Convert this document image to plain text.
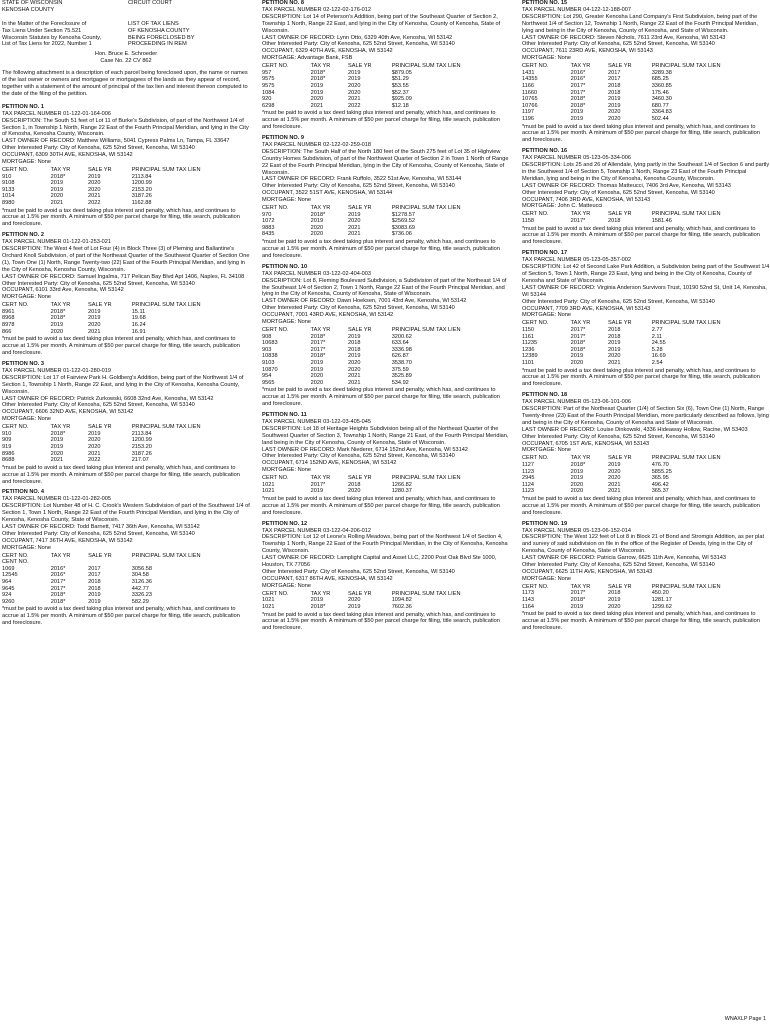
STATE OF WISCONSIN
KENOSHA COUNTY

In the Matter of the Foreclosure of
Tax Liens Under Section 75.521
Wisconsin Statutes by Kenosha County,
List of Tax Liens for 2022, Number 1
CIRCUIT COURT

LIST OF TAX LIENS
OF KENOSHA COUNTY
BEING FORECLOSED BY
PROCEEDING IN REM
Hon. Bruce E. Schroeder
Case No. 22 CV 862

The following attachment is a description of each parcel being foreclosed upon, the name or names of the last owner or owners and mortgagee or mortgagees of the lands as they appear of record, together with a statement of the amount of principal of the tax lien and interest thereon computed to the date of the filing of the petition.

PETITION NO. 1
TAX PARCEL NUMBER 01-122-01-164-006
DESCRIPTION: The South 51 feet of Lot 11 of Burke's Subdivision, of part of the Northwest 1/4 of Section 1, in Township 1 North, Range 22 East of the Fourth Principal Meridian, and lying in the City of Kenosha, Kenosha County, Wisconsin.
LAST OWNER OF RECORD: Matthew Williams, 5041 Cypress Palms Ln, Tampa, FL 33647
Other Interested Party: City of Kenosha, 625 52nd Street, Kenosha, WI 53140
OCCUPANT, 6309 30TH AVE, KENOSHA, WI 53142
MORTGAGE: None
CERT NO.	TAX YR	SALE YR	PRINCIPAL SUM TAX LIEN
910	2018*	2019	2113.84
9108	2019	2020	1200.99
9133	2019	2020	2153.20
1014	2020	2021	3187.26
8980	2021	2022	1162.88
*must be paid to avoid a tax deed taking plus interest and penalty, which has, and continues to accrue at 1.5% per month. A minimum of $50 per parcel charge for filing, title search, publication and foreclosure.
PETITION NO. 2
TAX PARCEL NUMBER 01-122-01-253-021
DESCRIPTION: The West 4 feet of Lot Four (4) in Block Three (3) of Pleming and Ballantine's Orchard Knoll Subdivision, of part of the Northeast Quarter of the Southwest Quarter of Section One (1), Town One (1) North, Range Twenty-two (22) East of the Fourth Principal Meridian, and lying in the City of Kenosha, Kenosha County, Wisconsin.
LAST OWNER OF RECORD: Samuel Ingalma, 717 Pelican Bay Blvd Apt 1406, Naples, FL 34108
Other Interested Party: City of Kenosha, 625 52nd Street, Kenosha, WI 53140
OCCUPANT, 6101 33rd Ave, Kenosha, WI 53142
MORTGAGE: None
CERT NO.	TAX YR	SALE YR	PRINCIPAL SUM TAX LIEN
8961	2018*	2019	15.11
8968	2018*	2019	19.68
8978	2019	2020	16.24
866	2020	2021	16.91
*must be paid to avoid a tax deed taking plus interest and penalty, which has, and continues to accrue at 1.5% per month. A minimum of $50 per parcel charge for filing, title search, publication and foreclosure.
PETITION NO. 3
TAX PARCEL NUMBER 01-122-01-280-019
DESCRIPTION: Lot 17 of Fairview Park H. Goldberg's Addition, being part of the Northwest 1/4 of Section 1, Township 1 North, Range 22 East, and lying in the City of Kenosha, Kenosha County, Wisconsin.
LAST OWNER OF RECORD: Patrick Zurkowski, 6608 32nd Ave, Kenosha, WI 53142
Other Interested Party: City of Kenosha, 625 52nd Street, Kenosha, WI 53140
OCCUPANT, 6606 32ND AVE, KENOSHA, WI 53142
MORTGAGE: None
CERT NO.	TAX YR	SALE YR	PRINCIPAL SUM TAX LIEN
910	2018*	2019	2113.84
909	2019	2020	1200.99
919	2019	2020	2153.20
8986	2020	2021	3187.26
8688	2021	2022	217.07
*must be paid to avoid a tax deed taking plus interest and penalty, which has, and continues to accrue at 1.5% per month. A minimum of $50 per parcel charge for filing, title search, publication and foreclosure.
PETITION NO. 4
TAX PARCEL NUMBER 01-122-01-282-005
DESCRIPTION: Lot Number 48 of H. C. Crook's Western Subdivision of part of the Southwest 1/4 of Section 1, Town 1 North, Range 22 East of the Fourth Principal Meridian, and lying in the City of Kenosha, Kenosha County, State of Wisconsin.
LAST OWNER OF RECORD: Todd Barnett, 7417 36th Ave, Kenosha, WI 53142
Other Interested Party: City of Kenosha, 625 52nd Street, Kenosha, WI 53140
OCCUPANT, 7417 36TH AVE, KENOSHA, WI 53142
MORTGAGE: None
CERT NO.	TAX YR	SALE YR	PRINCIPAL SUM TAX LIEN
CENT NO.			
1069	2016*	2017	3056.58
12545	2016*	2017	304.58
964	2017*	2018	3126.36
9645	2017*	2018	442.77
924	2018*	2019	3326.23
9260	2018*	2019	582.29
*must be paid to avoid a tax deed taking plus interest and penalty, which has, and continues to accrue at 1.5% per month. A minimum of $50 per parcel charge for filing, title search, publication and foreclosure.
PETITION NO. 8
TAX PARCEL NUMBER 02-122-02-176-012
DESCRIPTION: Lot 14 of Peterson's Addition, being part of the Southeast Quarter of Section 2, Township 1 North, Range 22 East, and lying in the City of Kenosha, County of Kenosha, State of Wisconsin.
LAST OWNER OF RECORD: Lynn Otto, 6329 40th Ave, Kenosha, WI 53142
Other Interested Party: City of Kenosha, 625 52nd Street, Kenosha, WI 53140
OCCUPANT, 6329 40TH AVE, KENOSHA, WI 53142
MORTGAGE: Advantage Bank, FSB
CERT NO.	TAX YR	SALE YR	PRINCIPAL SUM TAX LIEN
957	2018*	2019	$879.05
9575	2018*	2019	$51.29
9575	2019	2020	$53.55
1084	2019	2020	$52.37
920	2020	2021	$925.09
6298	2021	2022	$12.18
*must be paid to avoid a tax deed taking plus interest and penalty, which has, and continues to accrue at 1.5% per month. A minimum of $50 per parcel charge for filing, title search, publication and foreclosure.
PETITION NO. 9
TAX PARCEL NUMBER 02-122-02-259-018
DESCRIPTION: The South Half of the North 180 feet of the South 275 feet of Lot 35 of Highview Country Homes Subdivision, of part of the Northwest Quarter of Section 2 in Town 1 North of Range 22 East of the Fourth Principal Meridian, lying in the City of Kenosha, County of Kenosha, State of Wisconsin.
LAST OWNER OF RECORD: Frank Ruffolo, 3522 51st Ave, Kenosha, WI 53144
Other Interested Party: City of Kenosha, 625 52nd Street, Kenosha, WI 53140
OCCUPANT, 3522 51ST AVE, KENOSHA, WI 53144
MORTGAGE: None
CERT NO.	TAX YR	SALE YR	PRINCIPAL SUM TAX LIEN
970	2018*	2019	$1278.57
1072	2019	2020	$2569.52
9883	2020	2021	$3083.69
8435	2020	2021	$736.06
*must be paid to avoid a tax deed taking plus interest and penalty, which has, and continues to accrue at 1.5% per month. A minimum of $50 per parcel charge for filing, title search, publication and foreclosure.
PETITION NO. 10
TAX PARCEL NUMBER 03-122-02-404-003
DESCRIPTION: Lot 8, Fleming Boulevard Subdivision, a Subdivision of part of the Northeast 1/4 of the Southeast 1/4 of Section 2, Town 1 North, Range 22 East of the Fourth Principal Meridian, and lying in the City of Kenosha, County of Kenosha, State of Wisconsin.
LAST OWNER OF RECORD: Dawn Hoeksen, 7001 43rd Ave, Kenosha, WI 53142
Other Interested Party: City of Kenosha, 625 52nd Street, Kenosha, WI 53140
OCCUPANT, 7001 43RD AVE, KENOSHA, WI 53142
MORTGAGE: None
CERT NO.	TAX YR	SALE YR	PRINCIPAL SUM TAX LIEN
908	2018*	2019	3200.62
10683	2017*	2018	633.64
903	2017*	2018	3336.98
10838	2018*	2019	626.87
9103	2019	2020	3538.70
10870	2019	2020	375.59
954	2020	2021	3525.89
9565	2020	2021	534.92
*must be paid to avoid a tax deed taking plus interest and penalty, which has, and continues to accrue at 1.5% per month. A minimum of $50 per parcel charge for filing, title search, publication and foreclosure.
PETITION NO. 11
TAX PARCEL NUMBER 03-122-03-405-045
DESCRIPTION: Lot 18 of Heritage Heights Subdivision being all of the Northeast Quarter of the Southwest Quarter of Section 3, Township 1 North, Range 21 East, of the Fourth Principal Meridian, land being in the City of Kenosha, County of Kenosha, State of Wisconsin.
LAST OWNER OF RECORD: Mark Niederer, 6714 152nd Ave, Kenosha, WI 53142
Other Interested Party: City of Kenosha, 625 52nd Street, Kenosha, WI 53140
OCCUPANT, 6714 152ND AVE, KENOSHA, WI 53142
MORTGAGE: None
CERT NO.	TAX YR	SALE YR	PRINCIPAL SUM TAX LIEN
1021	2017*	2018	1266.82
1021	2019	2020	1280.37
*must be paid to avoid a tax deed taking plus interest and penalty, which has, and continues to accrue at 1.5% per month. A minimum of $50 per parcel charge for filing, title search, publication and foreclosure.
PETITION NO. 12
TAX PARCEL NUMBER 03-122-04-206-012
DESCRIPTION: Lot 12 of Leone's Rolling Meadows, being part of the Northwest 1/4 of Section 4, Township 1 North, Range 22 East of the Fourth Principal Meridian, in the City of Kenosha, Kenosha County, Wisconsin.
LAST OWNER OF RECORD: Lamplight Capital and Asset LLC, 2200 Post Oak Blvd Ste 1000, Houston, TX 77056
Other Interested Party: City of Kenosha, 625 52nd Street, Kenosha, WI 53140
OCCUPANT, 6317 86TH AVE, KENOSHA, WI 53142
MORTGAGE: None
CERT NO.	TAX YR	SALE YR	PRINCIPAL SUM TAX LIEN
1021	2019	2020	1094.82
1021	2018*	2019	7602.36
*must be paid to avoid a tax deed taking plus interest and penalty, which has, and continues to accrue at 1.5% per month. A minimum of $50 per parcel charge for filing, title search, publication and foreclosure.
PETITION NO. 15
TAX PARCEL NUMBER 04-122-12-188-007
DESCRIPTION: Lot 290, Greater Kenosha Land Company's First Subdivision, being part of the Northwest 1/4 of Section 12, Township 1 North, Range 22 East of the Fourth Principal Meridian, lying and being in the City of Kenosha, County of Kenosha, and State of Wisconsin.
LAST OWNER OF RECORD: Steven Nichols, 7611 23rd Ave, Kenosha, WI 53143
Other Interested Party: City of Kenosha, 625 52nd Street, Kenosha, WI 53140
OCCUPANT, 7611 23RD AVE, KENOSHA, WI 53143
MORTGAGE: None
CERT NO.	TAX YR	SALE YR	PRINCIPAL SUM TAX LIEN
1431	2016*	2017	3289.38
14355	2016*	2017	685.25
1166	2017*	2018	3360.85
11660	2017*	2018	175.46
10765	2018*	2019	3460.30
10766	2018*	2019	680.77
1197	2019	2020	3364.83
1196	2019	2020	502.44
*must be paid to avoid a tax deed taking plus interest and penalty, which has, and continues to accrue at 1.5% per month. A minimum of $50 per parcel charge for filing, title search, publication and foreclosure.
PETITION NO. 16
TAX PARCEL NUMBER 05-123-05-334-006
DESCRIPTION: Lots 25 and 26 of Allendale, lying partly in the Southeast 1/4 of Section 6 and partly in the Southwest 1/4 of Section 5, Township 1 North, Range 23 East of the Fourth Principal Meridian, lying and being in the City of Kenosha, Kenosha County, Wisconsin.
LAST OWNER OF RECORD: Thomas Matteucci, 7406 3rd Ave, Kenosha, WI 53143
Other Interested Party: City of Kenosha, 625 52nd Street, Kenosha, WI 53140
OCCUPANT, 7406 3RD AVE, KENOSHA, WI 53143
MORTGAGE: John C. Matteucci
CERT NO.	TAX YR	SALE YR	PRINCIPAL SUM TAX LIEN
1158	2017*	2018	1581.46
*must be paid to avoid a tax deed taking plus interest and penalty, which has, and continues to accrue at 1.5% per month. A minimum of $50 per parcel charge for filing, title search, publication and foreclosure.
PETITION NO. 17
TAX PARCEL NUMBER 05-123-05-357-002
DESCRIPTION: Lot 42 of Second Lake Park Addition, a Subdivision being part of the Southwest 1/4 of Section 5, Town 1 North, Range 23 East, lying and being in the City of Kenosha, County of Kenosha and State of Wisconsin.
LAST OWNER OF RECORD: Virginia Anderson Survivors Trust, 10190 52nd St, Unit 14, Kenosha, WI 53144
Other Interested Party: City of Kenosha, 625 52nd Street, Kenosha, WI 53140
OCCUPANT, 7709 3RD AVE, KENOSHA, WI 53143
MORTGAGE: None
CERT NO.	TAX YR	SALE YR	PRINCIPAL SUM TAX LIEN
1150	2017*	2018	2.77
1161	2017*	2018	2.11
11235	2018*	2019	24.55
1236	2018*	2019	5.28
12389	2019	2020	16.69
1101	2020	2021	2.54
*must be paid to avoid a tax deed taking plus interest and penalty, which has, and continues to accrue at 1.5% per month. A minimum of $50 per parcel charge for filing, title search, publication and foreclosure.
PETITION NO. 18
TAX PARCEL NUMBER 05-123-06-101-006
DESCRIPTION: Part of the Northeast Quarter (1/4) of Section Six (6), Town One (1) North, Range Twenty-three (23) East of the Fourth Principal Meridian, more particularly described as follows, lying and being in the City of Kenosha, County of Kenosha and State of Wisconsin.
LAST OWNER OF RECORD: Louise Dinkowski, 4336 Hideaway Hollow, Racine, WI 53403
Other Interested Party: City of Kenosha, 625 52nd Street, Kenosha, WI 53140
OCCUPANT, 6705 1ST AVE, KENOSHA, WI 53143
MORTGAGE: None
CERT NO.	TAX YR	SALE YR	PRINCIPAL SUM TAX LIEN
1127	2018*	2019	476.70
1123	2019	2020	5855.25
2945	2019	2020	365.95
1124	2020	2021	496.42
1123	2020	2021	365.37
*must be paid to avoid a tax deed taking plus interest and penalty, which has, and continues to accrue at 1.5% per month. A minimum of $50 per parcel charge for filing, title search, publication and foreclosure.
PETITION NO. 19
TAX PARCEL NUMBER 05-123-06-152-014
DESCRIPTION: The West 122 feet of Lot 8 in Block 21 of Bond and Stromgis Addition, as per plat and survey of said subdivision on file in the office of the Register of Deeds, lying in the City of Kenosha, County of Kenosha, State of Wisconsin.
LAST OWNER OF RECORD: Patricia Garrow, 6625 11th Ave, Kenosha, WI 53143
Other Interested Party: City of Kenosha, 625 52nd Street, Kenosha, WI 53140
OCCUPANT, 6625 11TH AVE, KENOSHA, WI 53143
MORTGAGE: None
CERT NO.	TAX YR	SALE YR	PRINCIPAL SUM TAX LIEN
1173	2017*	2018	450.20
1143	2018*	2019	1281.17
1164	2019	2020	1299.62
*must be paid to avoid a tax deed taking plus interest and penalty, which has, and continues to accrue at 1.5% per month. A minimum of $50 per parcel charge for filing, title search, publication and foreclosure.
WNAXLP Page 1
